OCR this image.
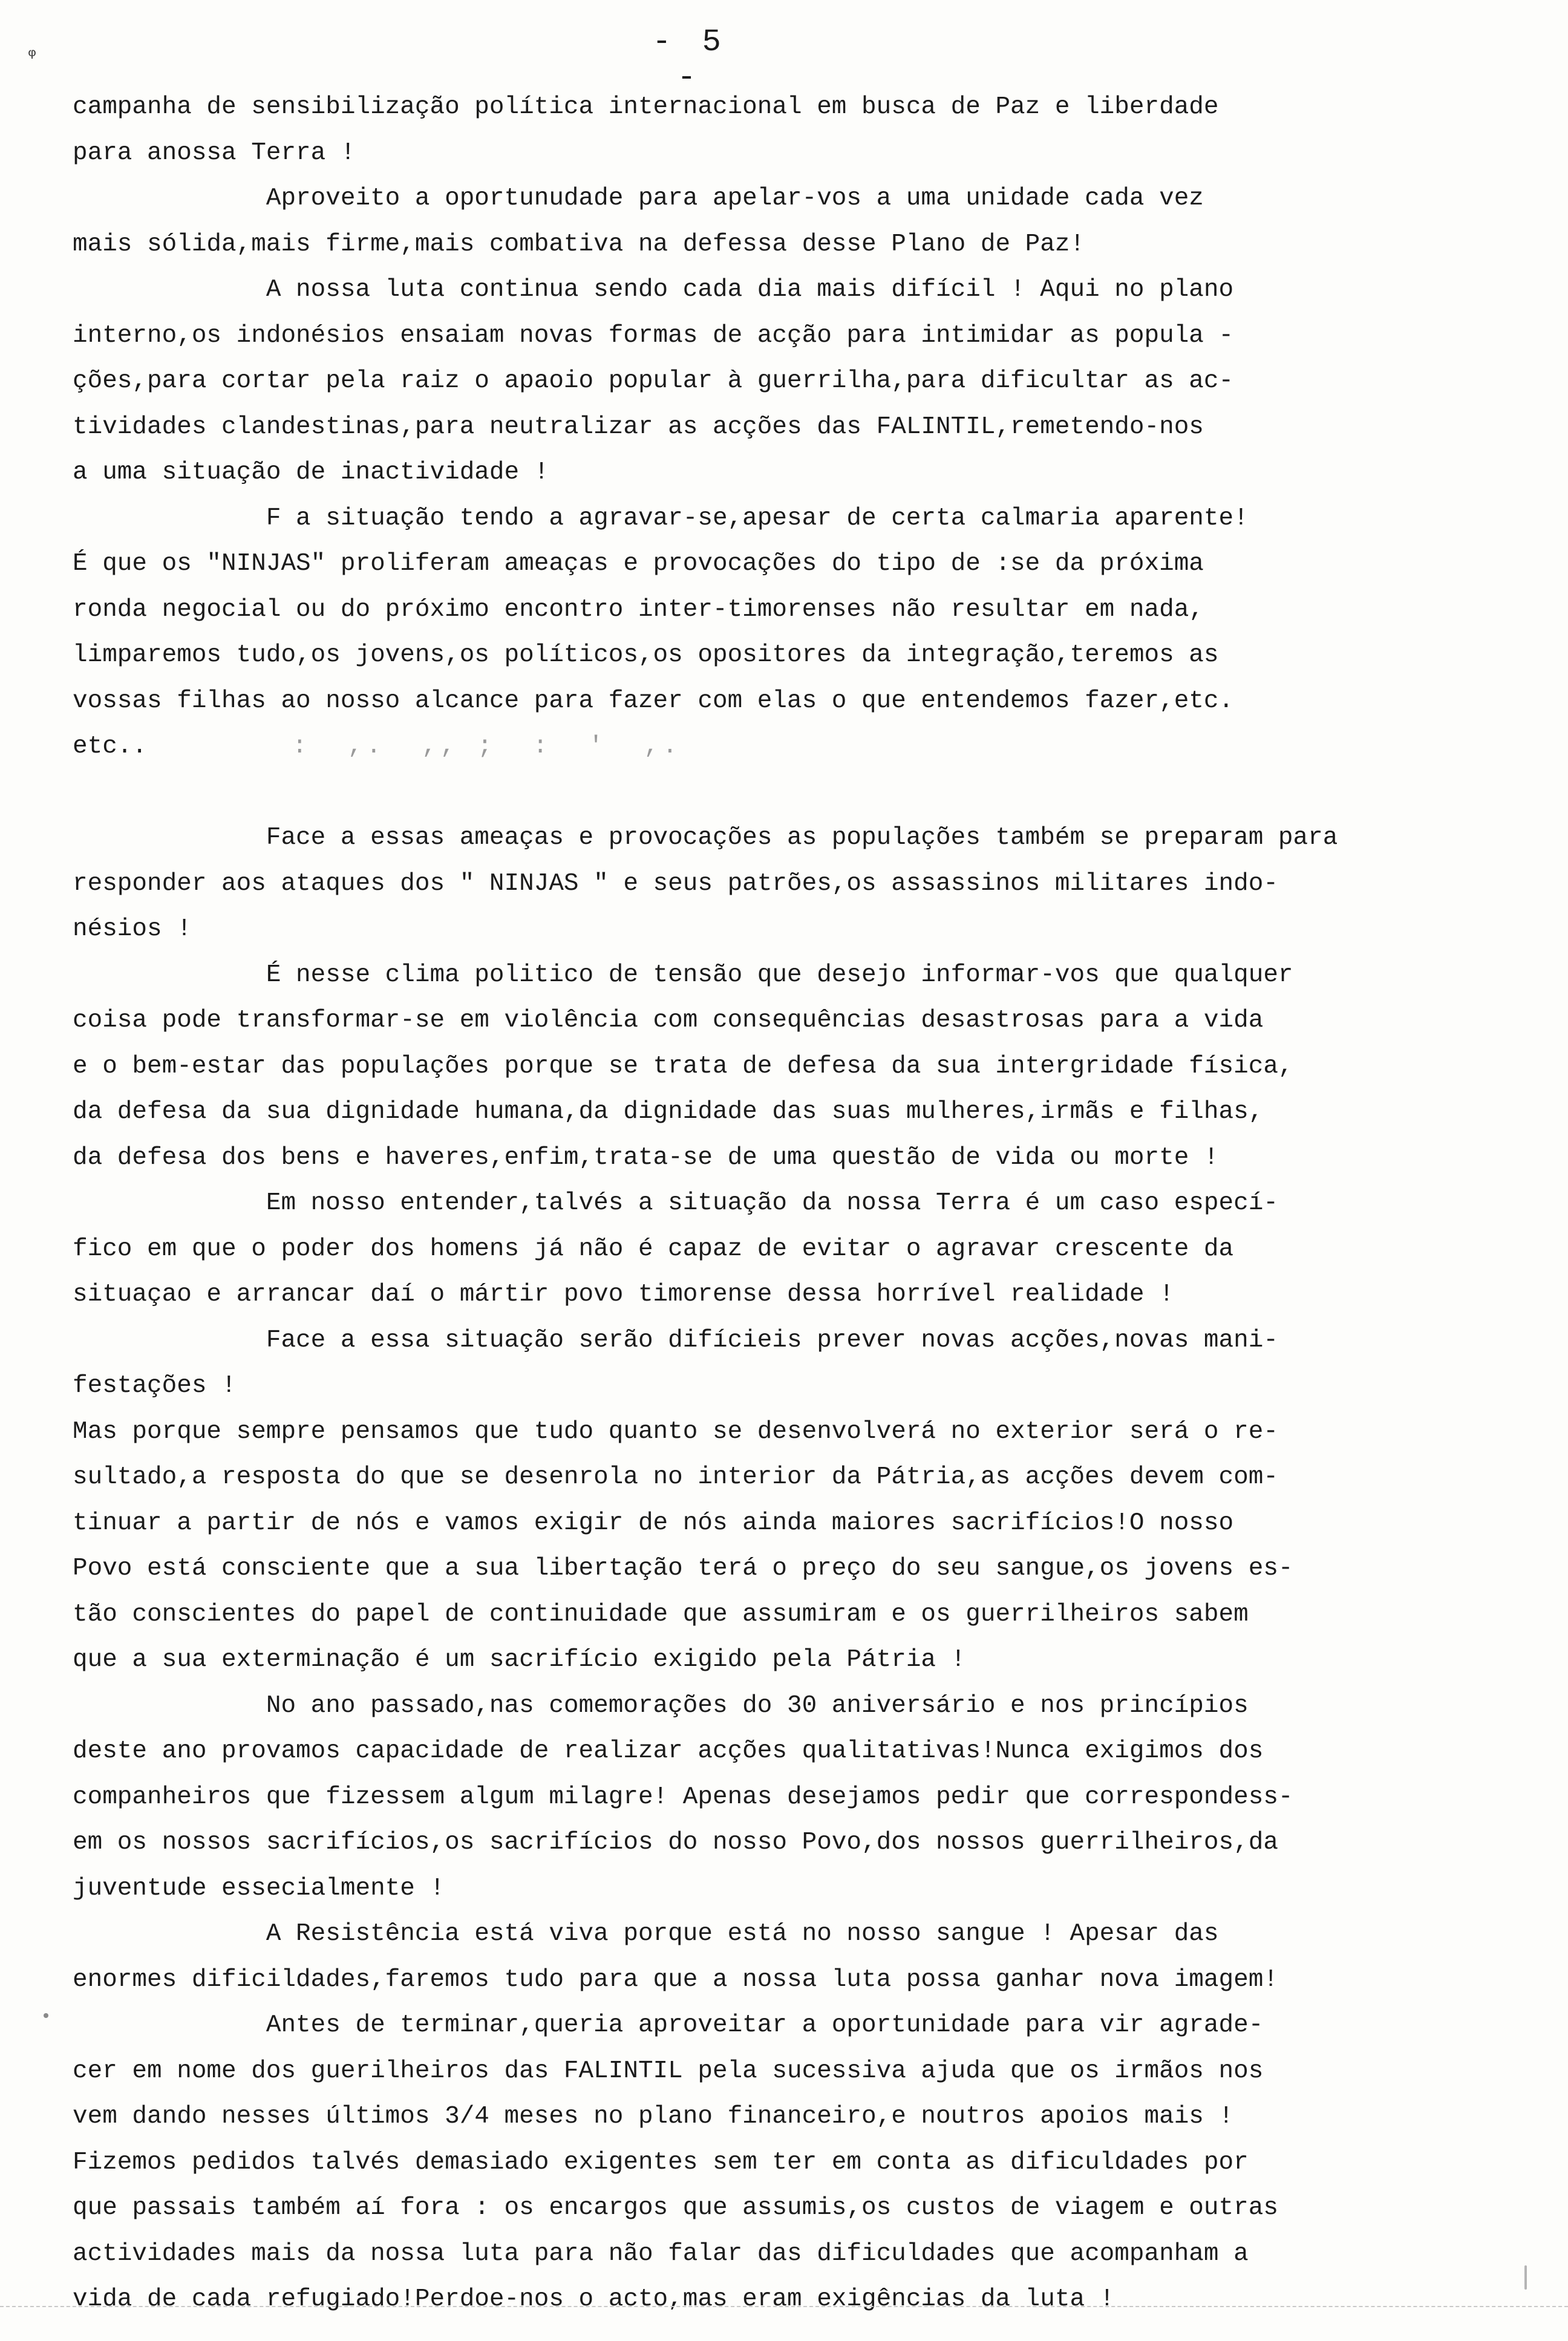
- 5 -
ᵩ
campanha de sensibilização política internacional em busca de Paz e liberdade
para anossa Terra !
Aproveito a oportunudade para apelar-vos a uma unidade cada vez
mais sólida,mais firme,mais combativa na defessa desse Plano de Paz!
A nossa luta continua sendo cada dia mais difícil ! Aqui no plano
interno,os indonésios ensaiam novas formas de acção para intimidar as popula -
ções,para cortar pela raiz o apaoio popular à guerrilha,para dificultar as ac-
tividades clandestinas,para neutralizar as acções das FALINTIL,remetendo-nos
a uma situação de inactividade !
F a situação tendo a agravar-se,apesar de certa calmaria aparente!
É que os "NINJAS" proliferam ameaças e provocações do tipo de :se da próxima
ronda negocial ou do próximo encontro inter-timorenses não resultar em nada,
limparemos tudo,os jovens,os políticos,os opositores da integração,teremos as
vossas filhas ao nosso alcance para fazer com elas o que entendemos fazer,etc.
etc..	:  ,.  ,, ;  :  '  ,.
Face a essas ameaças e provocações as populações também se preparam para
responder aos ataques dos " NINJAS " e seus patrões,os assassinos militares indo-
nésios !
É nesse clima politico de tensão que desejo informar-vos que qualquer
coisa pode transformar-se em violência com consequências desastrosas para a vida
e o bem-estar das populações porque se trata de defesa da sua intergridade física,
da defesa da sua dignidade humana,da dignidade das suas mulheres,irmãs e filhas,
da defesa dos bens e haveres,enfim,trata-se de uma questão de vida ou morte !
Em nosso entender,talvés a situação da nossa Terra é um caso especí-
fico em que o poder dos homens já não é capaz de evitar o agravar crescente da
situaçao e arrancar daí o mártir povo timorense dessa horrível realidade !
Face a essa situação serão difícieis prever novas acções,novas mani-
festações !
Mas porque sempre pensamos que tudo quanto se desenvolverá no exterior será o re-
sultado,a resposta do que se desenrola no interior da Pátria,as acções devem com-
tinuar a partir de nós e vamos exigir de nós ainda maiores sacrifícios!O nosso
Povo está consciente que a sua libertação terá o preço do seu sangue,os jovens es-
tão conscientes do papel de continuidade que assumiram e os guerrilheiros sabem
que a sua exterminação é um sacrifício exigido pela Pátria !
No ano passado,nas comemorações do 30 aniversário e nos princípios
deste ano provamos capacidade de realizar acções qualitativas!Nunca exigimos dos
companheiros que fizessem algum milagre! Apenas desejamos pedir que correspondess-
em os nossos sacrifícios,os sacrifícios do nosso Povo,dos nossos guerrilheiros,da
juventude essecialmente !
A Resistência está viva porque está no nosso sangue ! Apesar das
enormes dificildades,faremos tudo para que a nossa luta possa ganhar nova imagem!
Antes de terminar,queria aproveitar a oportunidade para vir agrade-
cer em nome dos guerilheiros das FALINTIL pela sucessiva ajuda que os irmãos nos
vem dando nesses últimos 3/4 meses no plano financeiro,e noutros apoios mais !
Fizemos pedidos talvés demasiado exigentes sem ter em conta as dificuldades por
que passais também aí fora : os encargos que assumis,os custos de viagem e outras
actividades mais da nossa luta para não falar das dificuldades que acompanham a
vida de cada refugiado!Perdoe-nos o acto,mas eram exigências da luta !
